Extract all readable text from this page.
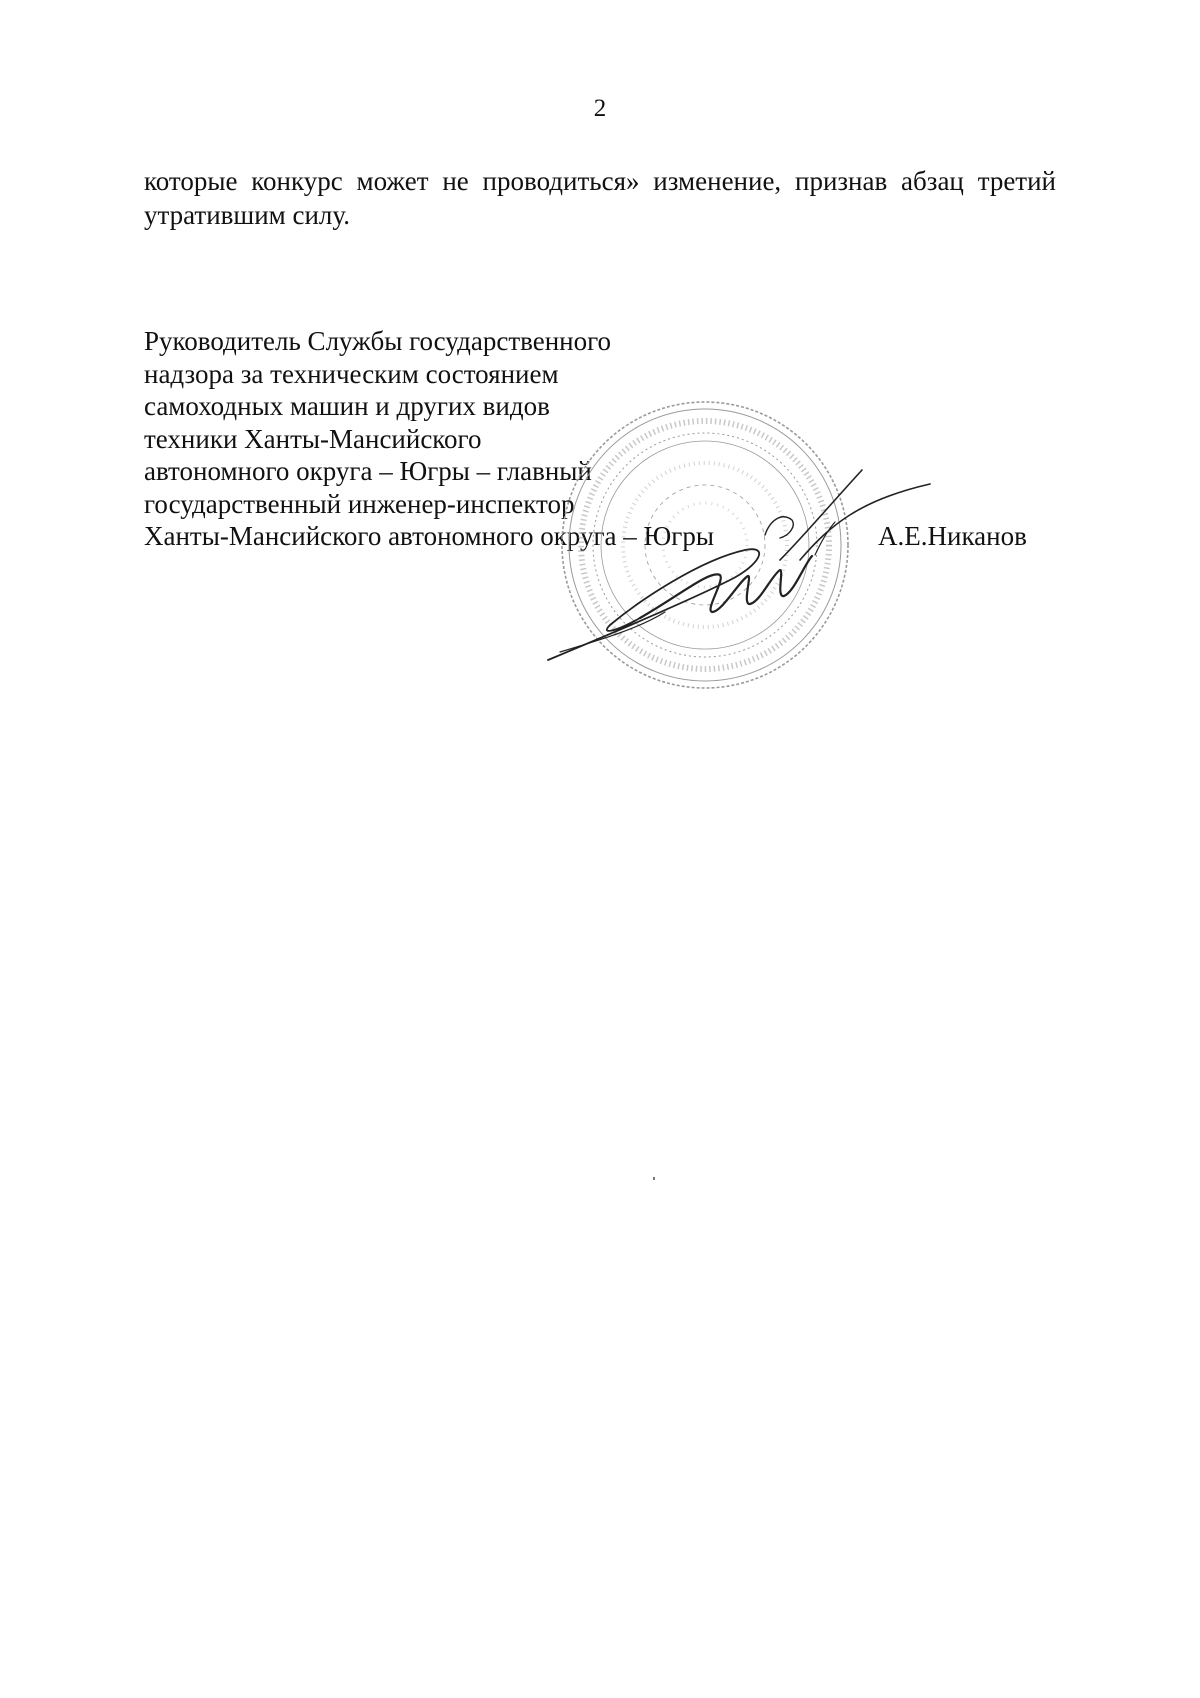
2
которые конкурс может не проводиться» изменение, признав абзац третий
утратившим силу.
Руководитель Службы государственного
надзора за техническим состоянием
самоходных машин и других видов
техники Ханты-Мансийского
автономного округа – Югры – главный
государственный инженер-инспектор
Ханты-Мансийского автономного округа – Югры	А.Е.Никанов
